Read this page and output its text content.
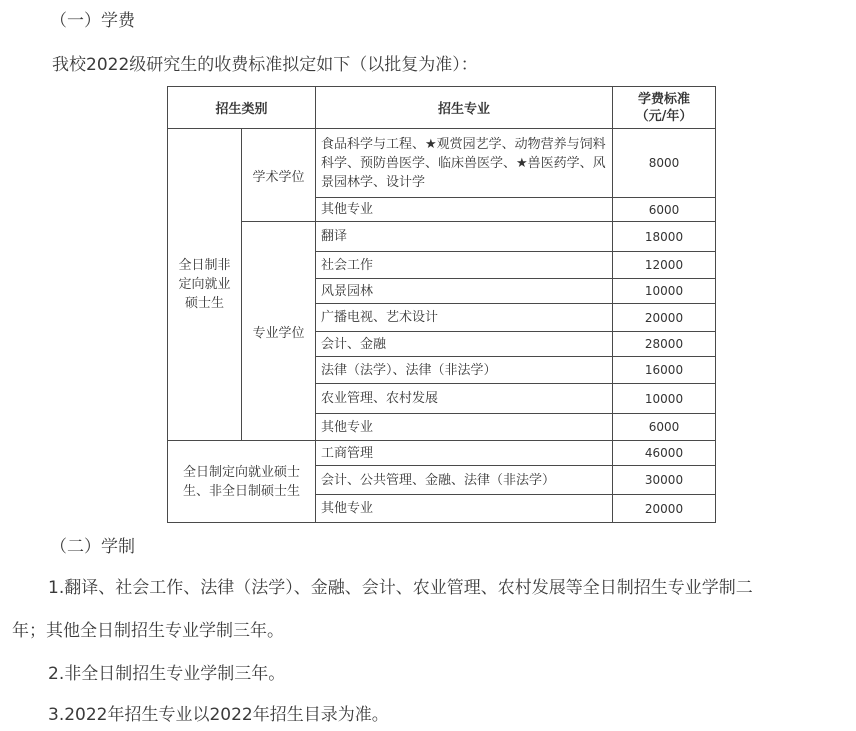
（一）学费
我校2022级研究生的收费标准拟定如下（以批复为准）：
招生类别		招生专业	学费标准
（元/年）

全日制非定向就业硕士生	学术学位	食品科学与工程、★观赏园艺学、动物营养与饲料科学、预防兽医学、临床兽医学、★兽医药学、风景园林学、设计学	8000
		其他专业	6000
	专业学位	翻译	18000
		社会工作	12000
		风景园林	10000
		广播电视、艺术设计	20000
		会计、金融	28000
		法律（法学）、法律（非法学）	16000
		农业管理、农村发展	10000
		其他专业	6000
全日制定向就业硕士生、非全日制硕士生		工商管理	46000
		会计、公共管理、金融、法律（非法学）	30000
		其他专业	20000
（二）学制
1.翻译、社会工作、法律（法学）、金融、会计、农业管理、农村发展等全日制招生专业学制二
年；其他全日制招生专业学制三年。
2.非全日制招生专业学制三年。
3.2022年招生专业以2022年招生目录为准。
